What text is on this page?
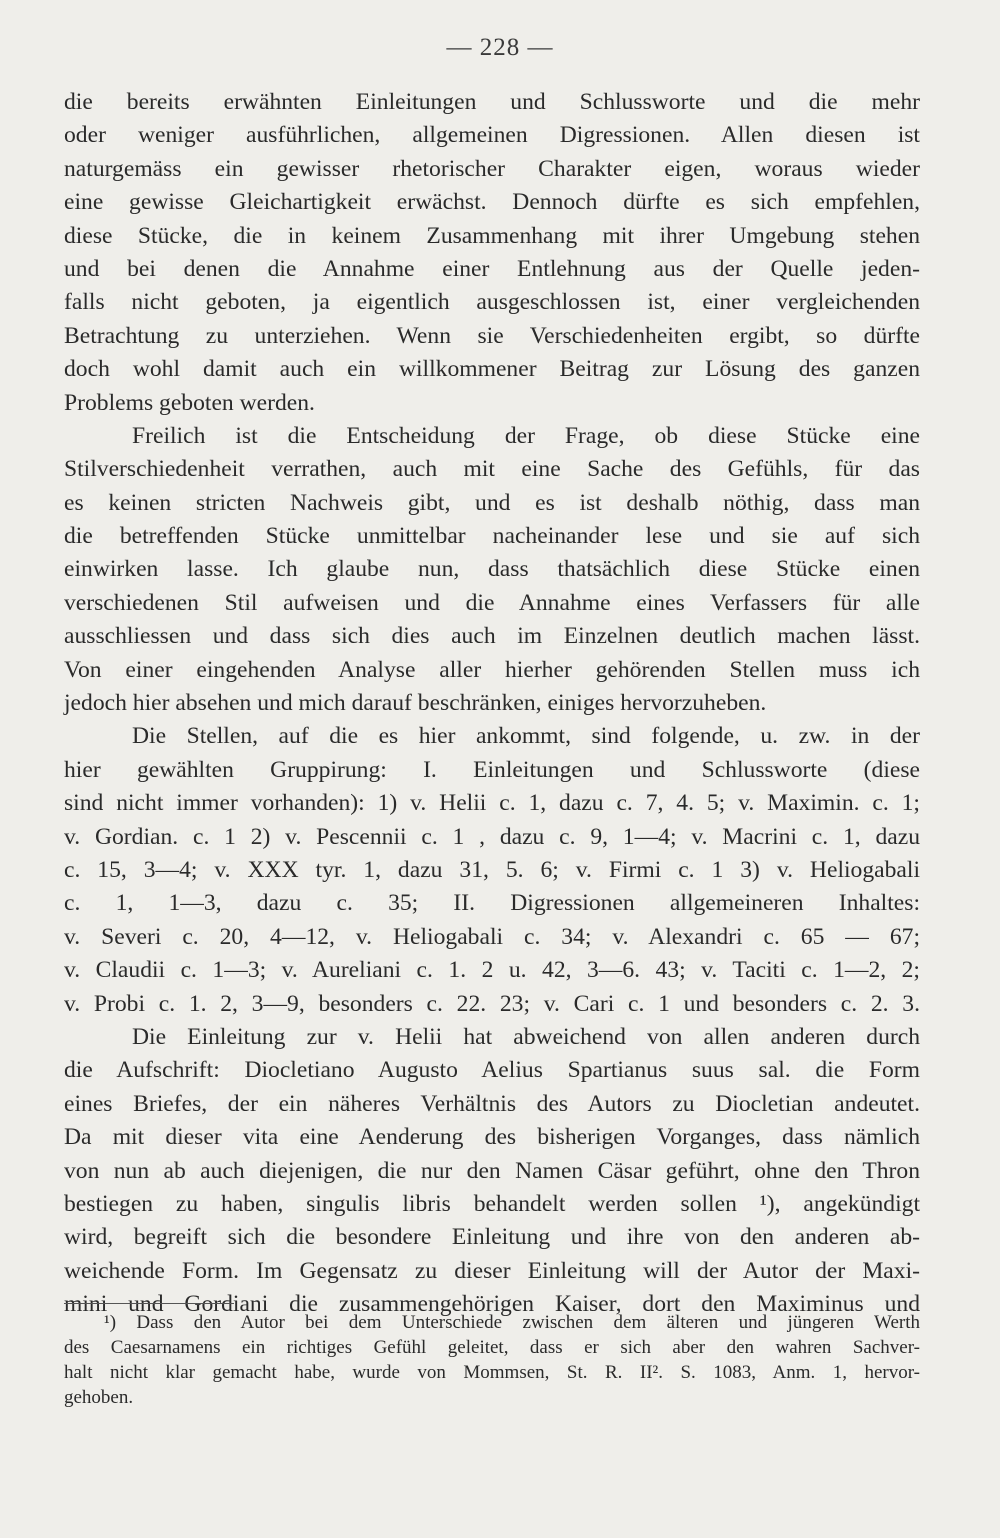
— 228 —
die bereits erwähnten Einleitungen und Schlussworte und die mehr
oder weniger ausführlichen, allgemeinen Digressionen. Allen diesen ist
naturgemäss ein gewisser rhetorischer Charakter eigen, woraus wieder
eine gewisse Gleichartigkeit erwächst. Dennoch dürfte es sich empfehlen,
diese Stücke, die in keinem Zusammenhang mit ihrer Umgebung stehen
und bei denen die Annahme einer Entlehnung aus der Quelle jeden-
falls nicht geboten, ja eigentlich ausgeschlossen ist, einer vergleichenden
Betrachtung zu unterziehen. Wenn sie Verschiedenheiten ergibt, so dürfte
doch wohl damit auch ein willkommener Beitrag zur Lösung des ganzen
Problems geboten werden.
Freilich ist die Entscheidung der Frage, ob diese Stücke eine
Stilverschiedenheit verrathen, auch mit eine Sache des Gefühls, für das
es keinen stricten Nachweis gibt, und es ist deshalb nöthig, dass man
die betreffenden Stücke unmittelbar nacheinander lese und sie auf sich
einwirken lasse. Ich glaube nun, dass thatsächlich diese Stücke einen
verschiedenen Stil aufweisen und die Annahme eines Verfassers für alle
ausschliessen und dass sich dies auch im Einzelnen deutlich machen lässt.
Von einer eingehenden Analyse aller hierher gehörenden Stellen muss ich
jedoch hier absehen und mich darauf beschränken, einiges hervorzuheben.
Die Stellen, auf die es hier ankommt, sind folgende, u. zw. in der
hier gewählten Gruppirung: I. Einleitungen und Schlussworte (diese
sind nicht immer vorhanden): 1) v. Helii c. 1, dazu c. 7, 4. 5; v. Maximin. c. 1;
v. Gordian. c. 1 2) v. Pescennii c. 1 , dazu c. 9, 1—4; v. Macrini c. 1, dazu
c. 15, 3—4; v. XXX tyr. 1, dazu 31, 5. 6; v. Firmi c. 1 3) v. Heliogabali
c. 1, 1—3, dazu c. 35; II. Digressionen allgemeineren Inhaltes:
v. Severi c. 20, 4—12, v. Heliogabali c. 34; v. Alexandri c. 65 — 67;
v. Claudii c. 1—3; v. Aureliani c. 1. 2 u. 42, 3—6. 43; v. Taciti c. 1—2, 2;
v. Probi c. 1. 2, 3—9, besonders c. 22. 23; v. Cari c. 1 und besonders c. 2. 3.
Die Einleitung zur v. Helii hat abweichend von allen anderen durch
die Aufschrift: Diocletiano Augusto Aelius Spartianus suus sal. die Form
eines Briefes, der ein näheres Verhältnis des Autors zu Diocletian andeutet.
Da mit dieser vita eine Aenderung des bisherigen Vorganges, dass nämlich
von nun ab auch diejenigen, die nur den Namen Cäsar geführt, ohne den Thron
bestiegen zu haben, singulis libris behandelt werden sollen ¹), angekündigt
wird, begreift sich die besondere Einleitung und ihre von den anderen ab-
weichende Form. Im Gegensatz zu dieser Einleitung will der Autor der Maxi-
mini und Gordiani die zusammengehörigen Kaiser, dort den Maximinus und
¹) Dass den Autor bei dem Unterschiede zwischen dem älteren und jüngeren Werth
des Caesarnamens ein richtiges Gefühl geleitet, dass er sich aber den wahren Sachver-
halt nicht klar gemacht habe, wurde von Mommsen, St. R. II². S. 1083, Anm. 1, hervor-
gehoben.
